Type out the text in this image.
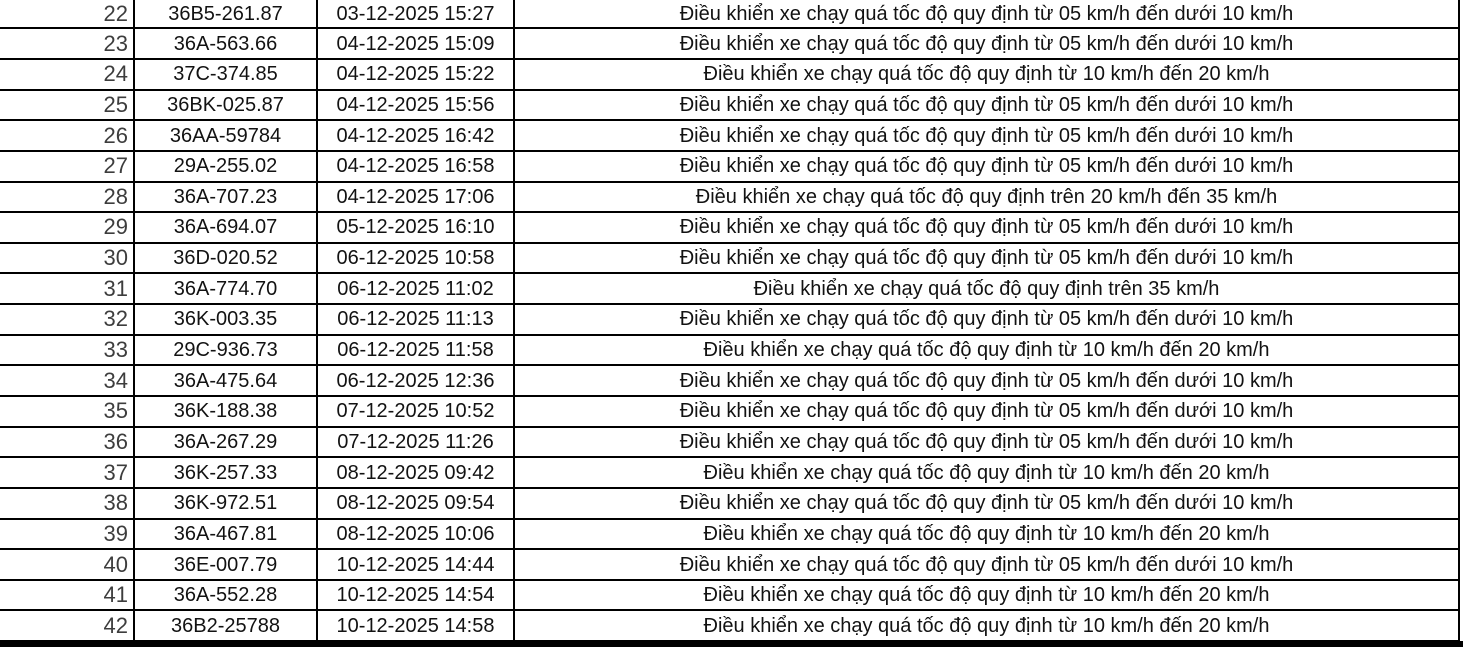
22	36B5-261.87	03-12-2025 15:27	Điều khiển xe chạy quá tốc độ quy định từ 05 km/h đến dưới 10 km/h
23	36A-563.66	04-12-2025 15:09	Điều khiển xe chạy quá tốc độ quy định từ 05 km/h đến dưới 10 km/h
24	37C-374.85	04-12-2025 15:22	Điều khiển xe chạy quá tốc độ quy định từ 10 km/h đến 20 km/h
25	36BK-025.87	04-12-2025 15:56	Điều khiển xe chạy quá tốc độ quy định từ 05 km/h đến dưới 10 km/h
26	36AA-59784	04-12-2025 16:42	Điều khiển xe chạy quá tốc độ quy định từ 05 km/h đến dưới 10 km/h
27	29A-255.02	04-12-2025 16:58	Điều khiển xe chạy quá tốc độ quy định từ 05 km/h đến dưới 10 km/h
28	36A-707.23	04-12-2025 17:06	Điều khiển xe chạy quá tốc độ quy định trên 20 km/h đến 35 km/h
29	36A-694.07	05-12-2025 16:10	Điều khiển xe chạy quá tốc độ quy định từ 05 km/h đến dưới 10 km/h
30	36D-020.52	06-12-2025 10:58	Điều khiển xe chạy quá tốc độ quy định từ 05 km/h đến dưới 10 km/h
31	36A-774.70	06-12-2025 11:02	Điều khiển xe chạy quá tốc độ quy định trên 35 km/h
32	36K-003.35	06-12-2025 11:13	Điều khiển xe chạy quá tốc độ quy định từ 05 km/h đến dưới 10 km/h
33	29C-936.73	06-12-2025 11:58	Điều khiển xe chạy quá tốc độ quy định từ 10 km/h đến 20 km/h
34	36A-475.64	06-12-2025 12:36	Điều khiển xe chạy quá tốc độ quy định từ 05 km/h đến dưới 10 km/h
35	36K-188.38	07-12-2025 10:52	Điều khiển xe chạy quá tốc độ quy định từ 05 km/h đến dưới 10 km/h
36	36A-267.29	07-12-2025 11:26	Điều khiển xe chạy quá tốc độ quy định từ 05 km/h đến dưới 10 km/h
37	36K-257.33	08-12-2025 09:42	Điều khiển xe chạy quá tốc độ quy định từ 10 km/h đến 20 km/h
38	36K-972.51	08-12-2025 09:54	Điều khiển xe chạy quá tốc độ quy định từ 05 km/h đến dưới 10 km/h
39	36A-467.81	08-12-2025 10:06	Điều khiển xe chạy quá tốc độ quy định từ 10 km/h đến 20 km/h
40	36E-007.79	10-12-2025 14:44	Điều khiển xe chạy quá tốc độ quy định từ 05 km/h đến dưới 10 km/h
41	36A-552.28	10-12-2025 14:54	Điều khiển xe chạy quá tốc độ quy định từ 10 km/h đến 20 km/h
42	36B2-25788	10-12-2025 14:58	Điều khiển xe chạy quá tốc độ quy định từ 10 km/h đến 20 km/h
